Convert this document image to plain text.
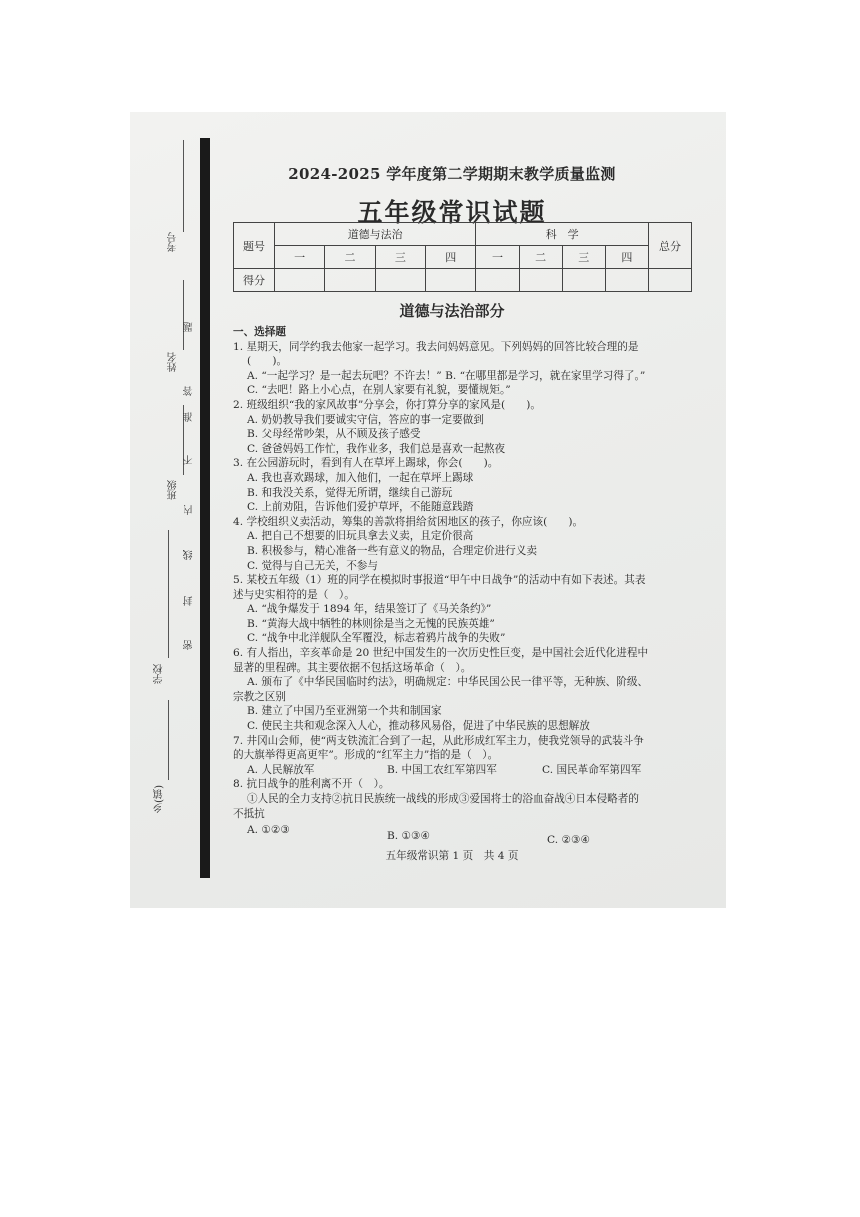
考号
姓名
班级
学校
乡(镇)
题
答
准
不
内
线
封
密
2024-2025 学年度第二学期期末教学质量监测
五年级常识试题
题号	道德与法治				科　学				总分
	一	二	三	四	一	二	三	四	
得分									
道德与法治部分

一、选择题

1. 星期天，同学约我去他家一起学习。我去问妈妈意见。下列妈妈的回答比较合理的是

(　　)。

A. “一起学习？是一起去玩吧？不许去！” B. “在哪里都是学习，就在家里学习得了。”

C. “去吧！路上小心点，在别人家要有礼貌，要懂规矩。”

2. 班级组织“我的家风故事”分享会，你打算分享的家风是(　　)。

A. 奶奶教导我们要诚实守信，答应的事一定要做到

B. 父母经常吵架，从不顾及孩子感受

C. 爸爸妈妈工作忙，我作业多，我们总是喜欢一起熬夜

3. 在公园游玩时，看到有人在草坪上踢球，你会(　　)。

A. 我也喜欢踢球，加入他们，一起在草坪上踢球

B. 和我没关系，觉得无所谓，继续自己游玩

C. 上前劝阻，告诉他们爱护草坪，不能随意践踏

4. 学校组织义卖活动，筹集的善款将捐给贫困地区的孩子，你应该(　　)。

A. 把自己不想要的旧玩具拿去义卖，且定价很高

B. 积极参与，精心准备一些有意义的物品，合理定价进行义卖

C. 觉得与自己无关，不参与

5. 某校五年级（1）班的同学在模拟时事报道“甲午中日战争”的活动中有如下表述。其表

述与史实相符的是（　）。

A. “战争爆发于 1894 年，结果签订了《马关条约》”

B. “黄海大战中牺牲的林则徐是当之无愧的民族英雄”

C. “战争中北洋舰队全军覆没，标志着鸦片战争的失败”

6. 有人指出，辛亥革命是 20 世纪中国发生的一次历史性巨变，是中国社会近代化进程中

显著的里程碑。其主要依据不包括这场革命（　）。

A. 颁布了《中华民国临时约法》，明确规定：中华民国公民一律平等，无种族、阶级、

宗教之区别

B. 建立了中国乃至亚洲第一个共和制国家

C. 使民主共和观念深入人心，推动移风易俗，促进了中华民族的思想解放

7. 井冈山会师，使“两支铁流汇合到了一起，从此形成红军主力，使我党领导的武装斗争

的大旗举得更高更牢”。形成的“红军主力”指的是（　）。

A. 人民解放军	B. 中国工农红军第四军	C. 国民革命军第四军

8. 抗日战争的胜利离不开（　）。

①人民的全力支持②抗日民族统一战线的形成③爱国将士的浴血奋战④日本侵略者的

不抵抗

A. ①②③	B. ①③④	C. ②③④

五年级常识第 1 页　共 4 页
